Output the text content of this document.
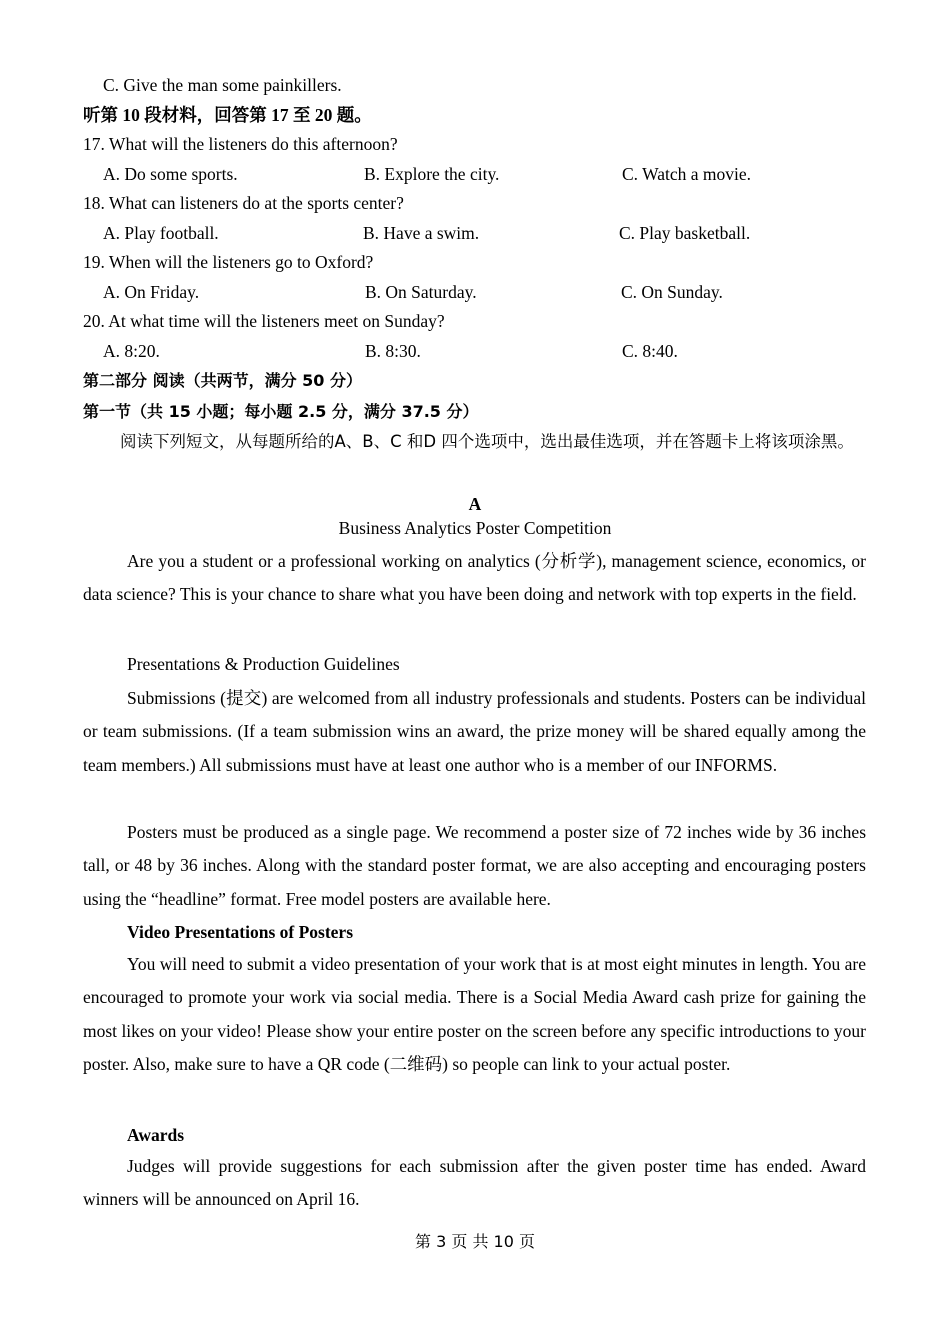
C. Give the man some painkillers.
听第 10 段材料，回答第 17 至 20 题。
17. What will the listeners do this afternoon?
A. Do some sports.	B. Explore the city.	C. Watch a movie.
18. What can listeners do at the sports center?
A. Play football.	B. Have a swim.	C. Play basketball.
19. When will the listeners go to Oxford?
A. On Friday.	B. On Saturday.	C. On Sunday.
20. At what time will the listeners meet on Sunday?
A. 8:20.	B. 8:30.	C. 8:40.
第二部分 阅读（共两节，满分 50 分）
第一节（共 15 小题；每小题 2.5 分，满分 37.5 分）
阅读下列短文，从每题所给的A、B、C 和D 四个选项中，选出最佳选项，并在答题卡上将该项涂黑。
A
Business Analytics Poster Competition
Are you a student or a professional working on analytics (分析学), management science, economics, or data science? This is your chance to share what you have been doing and network with top experts in the field.
Presentations & Production Guidelines
Submissions (提交) are welcomed from all industry professionals and students. Posters can be individual or team submissions. (If a team submission wins an award, the prize money will be shared equally among the team members.) All submissions must have at least one author who is a member of our INFORMS.
Posters must be produced as a single page. We recommend a poster size of 72 inches wide by 36 inches tall, or 48 by 36 inches. Along with the standard poster format, we are also accepting and encouraging posters using the “headline” format. Free model posters are available here.
Video Presentations of Posters
You will need to submit a video presentation of your work that is at most eight minutes in length. You are encouraged to promote your work via social media. There is a Social Media Award cash prize for gaining the most likes on your video! Please show your entire poster on the screen before any specific introductions to your poster. Also, make sure to have a QR code (二维码) so people can link to your actual poster.
Awards
Judges will provide suggestions for each submission after the given poster time has ended. Award winners will be announced on April 16.
第 3 页 共 10 页
